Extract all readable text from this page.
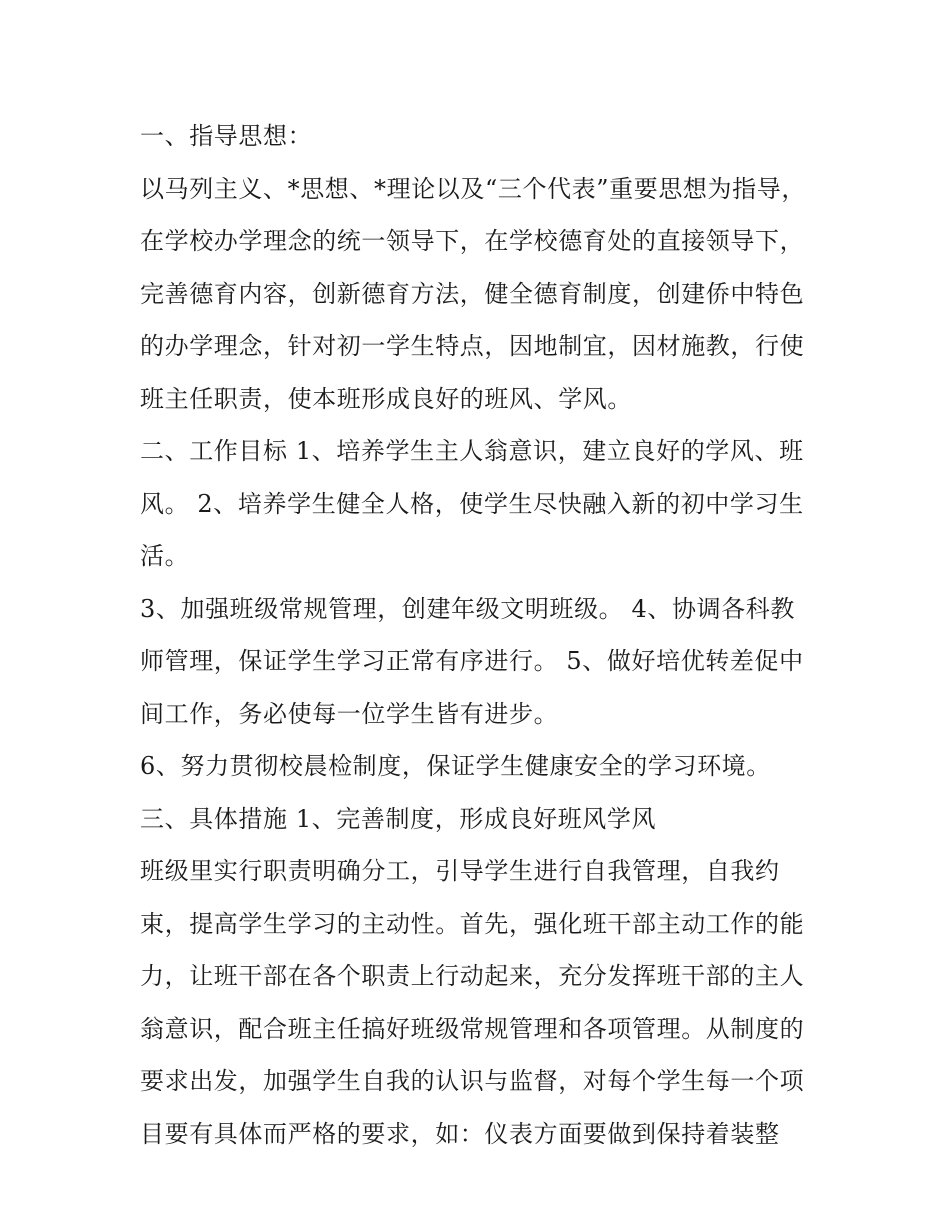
一、指导思想：
以马列主义、*思想、*理论以及“三个代表”重要思想为指导，
在学校办学理念的统一领导下，在学校德育处的直接领导下，
完善德育内容，创新德育方法，健全德育制度，创建侨中特色
的办学理念，针对初一学生特点，因地制宜，因材施教，行使
班主任职责，使本班形成良好的班风、学风。
二、工作目标 1、培养学生主人翁意识，建立良好的学风、班
风。 2、培养学生健全人格，使学生尽快融入新的初中学习生
活。
3、加强班级常规管理，创建年级文明班级。 4、协调各科教
师管理，保证学生学习正常有序进行。 5、做好培优转差促中
间工作，务必使每一位学生皆有进步。
6、努力贯彻校晨检制度，保证学生健康安全的学习环境。
三、具体措施 1、完善制度，形成良好班风学风
班级里实行职责明确分工，引导学生进行自我管理，自我约
束，提高学生学习的主动性。首先，强化班干部主动工作的能
力，让班干部在各个职责上行动起来，充分发挥班干部的主人
翁意识，配合班主任搞好班级常规管理和各项管理。从制度的
要求出发，加强学生自我的认识与监督，对每个学生每一个项
目要有具体而严格的要求，如：仪表方面要做到保持着装整
